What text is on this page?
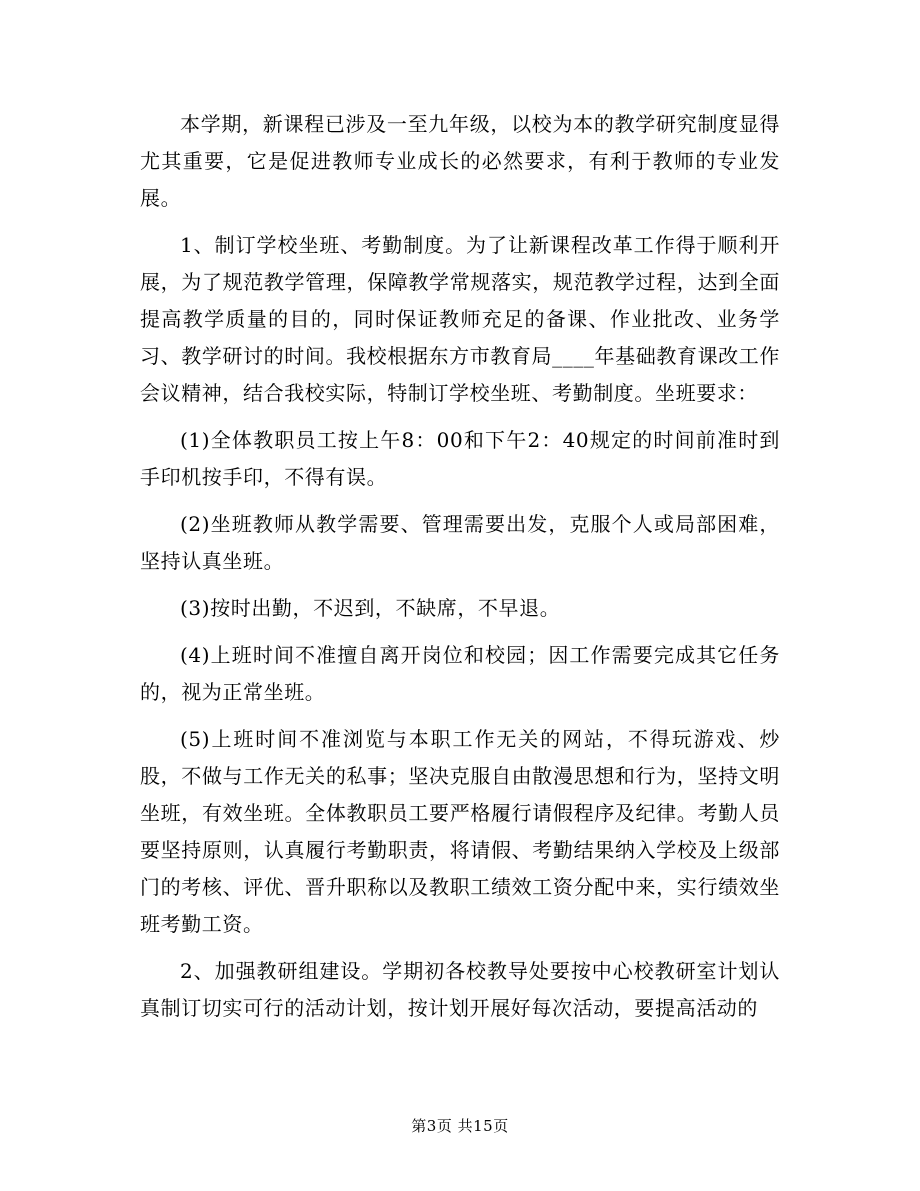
本学期，新课程已涉及一至九年级，以校为本的教学研究制度显得尤其重要，它是促进教师专业成长的必然要求，有利于教师的专业发展。

1、制订学校坐班、考勤制度。为了让新课程改革工作得于顺利开展，为了规范教学管理，保障教学常规落实，规范教学过程，达到全面提高教学质量的目的，同时保证教师充足的备课、作业批改、业务学习、教学研讨的时间。我校根据东方市教育局____年基础教育课改工作会议精神，结合我校实际，特制订学校坐班、考勤制度。坐班要求：

(1)全体教职员工按上午8：00和下午2：40规定的时间前准时到手印机按手印，不得有误。

(2)坐班教师从教学需要、管理需要出发，克服个人或局部困难，坚持认真坐班。

(3)按时出勤，不迟到，不缺席，不早退。

(4)上班时间不准擅自离开岗位和校园；因工作需要完成其它任务的，视为正常坐班。

(5)上班时间不准浏览与本职工作无关的网站，不得玩游戏、炒股，不做与工作无关的私事；坚决克服自由散漫思想和行为，坚持文明坐班，有效坐班。全体教职员工要严格履行请假程序及纪律。考勤人员要坚持原则，认真履行考勤职责，将请假、考勤结果纳入学校及上级部门的考核、评优、晋升职称以及教职工绩效工资分配中来，实行绩效坐班考勤工资。

2、加强教研组建设。学期初各校教导处要按中心校教研室计划认真制订切实可行的活动计划，按计划开展好每次活动，要提高活动的

第3页 共15页
